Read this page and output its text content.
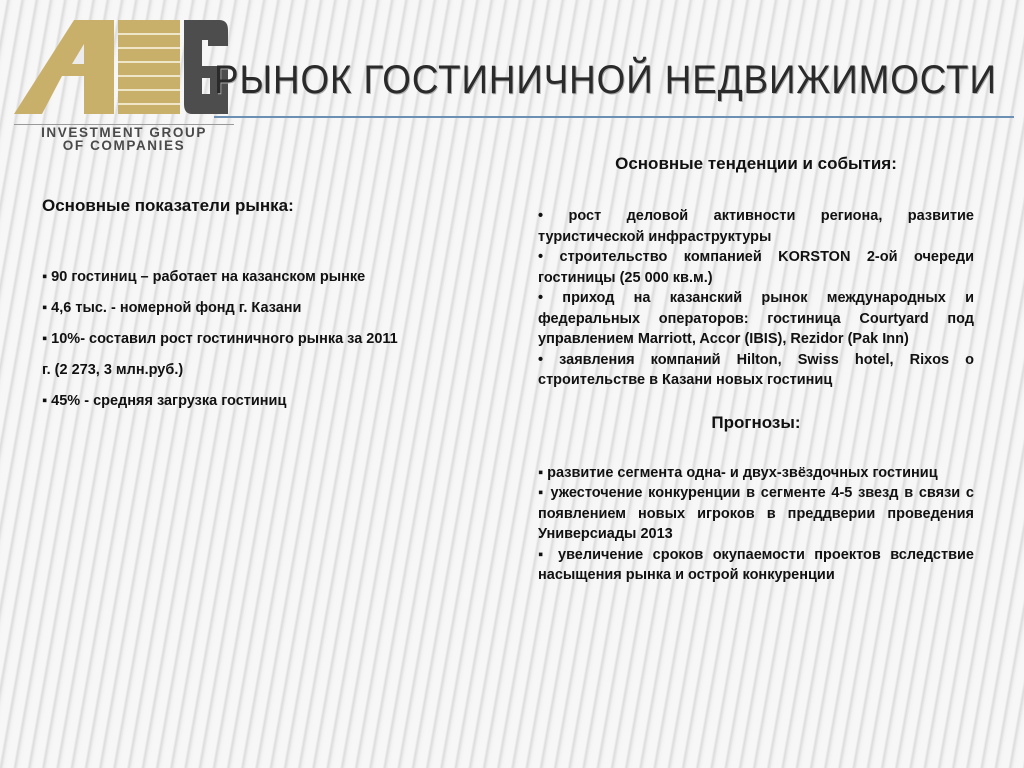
INVESTMENT GROUP
OF COMPANIES
РЫНОК ГОСТИНИЧНОЙ НЕДВИЖИМОСТИ

Основные показатели рынка:

▪ 90 гостиниц – работает на казанском рынке
▪ 4,6 тыс. - номерной фонд г. Казани
▪ 10%- составил рост гостиничного рынка за 2011
г. (2 273, 3 млн.руб.)
▪ 45% - средняя загрузка гостиниц

Основные тенденции и события:

• рост деловой активности региона, развитие туристической инфраструктуры
• строительство компанией KORSTON 2-ой очереди гостиницы (25 000 кв.м.)
• приход на казанский рынок международных и федеральных операторов: гостиница Courtyard под управлением Marriott, Accor (IBIS), Rezidor (Pak Inn)
• заявления компаний Hilton, Swiss hotel, Rixos о строительстве в Казани новых гостиниц

Прогнозы:

▪ развитие сегмента одна- и двух-звёздочных гостиниц
▪ ужесточение конкуренции в сегменте 4-5 звезд в связи с появлением новых игроков в преддверии проведения Универсиады 2013
▪ увеличение сроков окупаемости проектов вследствие насыщения рынка и острой конкуренции
